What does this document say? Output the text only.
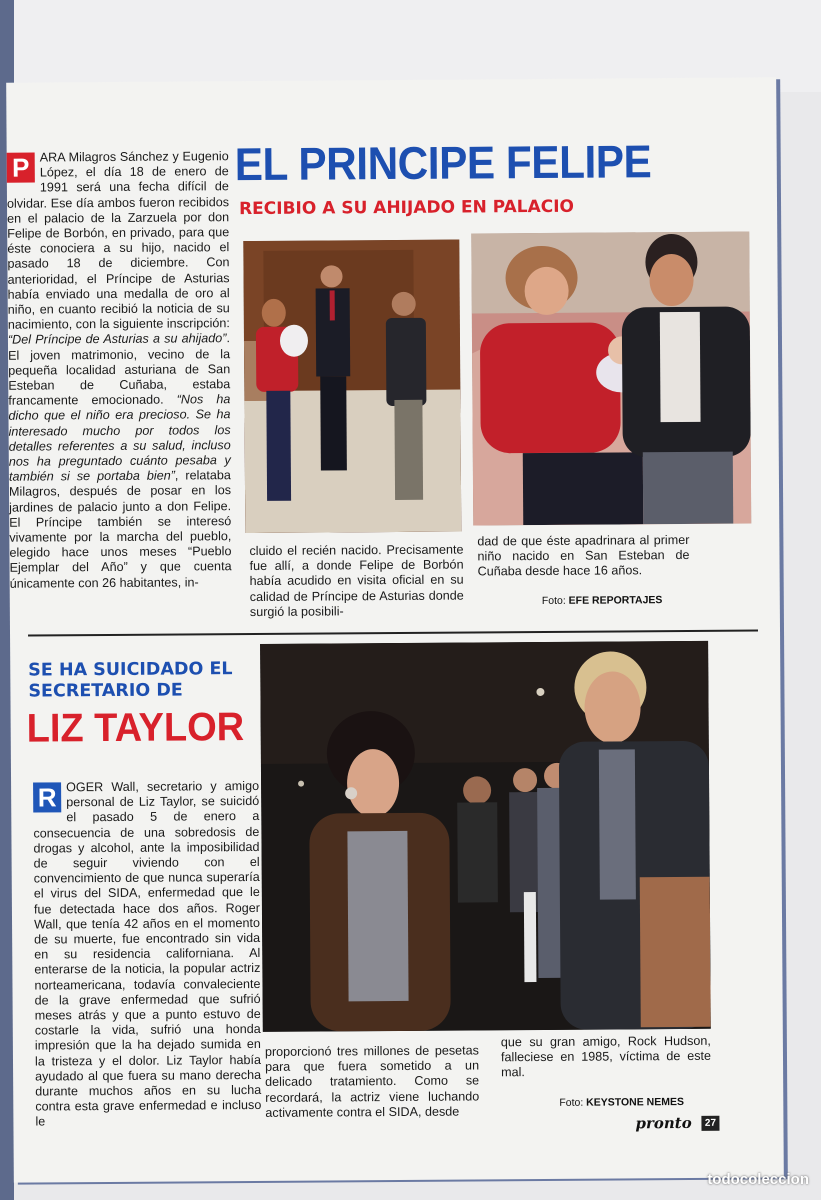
P ARA Milagros Sánchez y Eugenio López, el día 18 de enero de 1991 será una fecha difícil de olvidar. Ese día ambos fueron recibidos en el palacio de la Zarzuela por don Felipe de Borbón, en privado, para que éste conociera a su hijo, nacido el pasado 18 de diciembre. Con anterioridad, el Príncipe de Asturias había enviado una medalla de oro al niño, en cuanto recibió la noticia de su nacimiento, con la siguiente inscripción: “Del Príncipe de Asturias a su ahijado”. El joven matrimonio, vecino de la pequeña localidad asturiana de San Esteban de Cuñaba, estaba francamente emocionado. “Nos ha dicho que el niño era precioso. Se ha interesado mucho por todos los detalles referentes a su salud, incluso nos ha preguntado cuánto pesaba y también si se portaba bien”, relataba Milagros, después de posar en los jardines de palacio junto a don Felipe. El Príncipe también se interesó vivamente por la marcha del pueblo, elegido hace unos meses “Pueblo Ejemplar del Año” y que cuenta únicamente con 26 habitantes, in-
EL PRINCIPE FELIPE
RECIBIO A SU AHIJADO EN PALACIO
cluido el recién nacido. Precisamente fue allí, a donde Felipe de Borbón había acudido en visita oficial en su calidad de Príncipe de Asturias donde surgió la posibili-
dad de que éste apadrinara al primer niño nacido en San Esteban de Cuñaba desde hace 16 años.
Foto: EFE REPORTAJES
SE HA SUICIDADO EL SECRETARIO DE
LIZ TAYLOR
R OGER Wall, secretario y amigo personal de Liz Taylor, se suicidó el pasado 5 de enero a consecuencia de una sobredosis de drogas y alcohol, ante la imposibilidad de seguir viviendo con el convencimiento de que nunca superaría el virus del SIDA, enfermedad que le fue detectada hace dos años. Roger Wall, que tenía 42 años en el momento de su muerte, fue encontrado sin vida en su residencia californiana. Al enterarse de la noticia, la popular actriz norteamericana, todavía convaleciente de la grave enfermedad que sufrió meses atrás y que a punto estuvo de costarle la vida, sufrió una honda impresión que la ha dejado sumida en la tristeza y el dolor. Liz Taylor había ayudado al que fuera su mano derecha durante muchos años en su lucha contra esta grave enfermedad e incluso le
proporcionó tres millones de pesetas para que fuera sometido a un delicado tratamiento. Como se recordará, la actriz viene luchando activamente contra el SIDA, desde
que su gran amigo, Rock Hudson, falleciese en 1985, víctima de este mal.
Foto: KEYSTONE NEMES
pronto	27
todocoleccion
